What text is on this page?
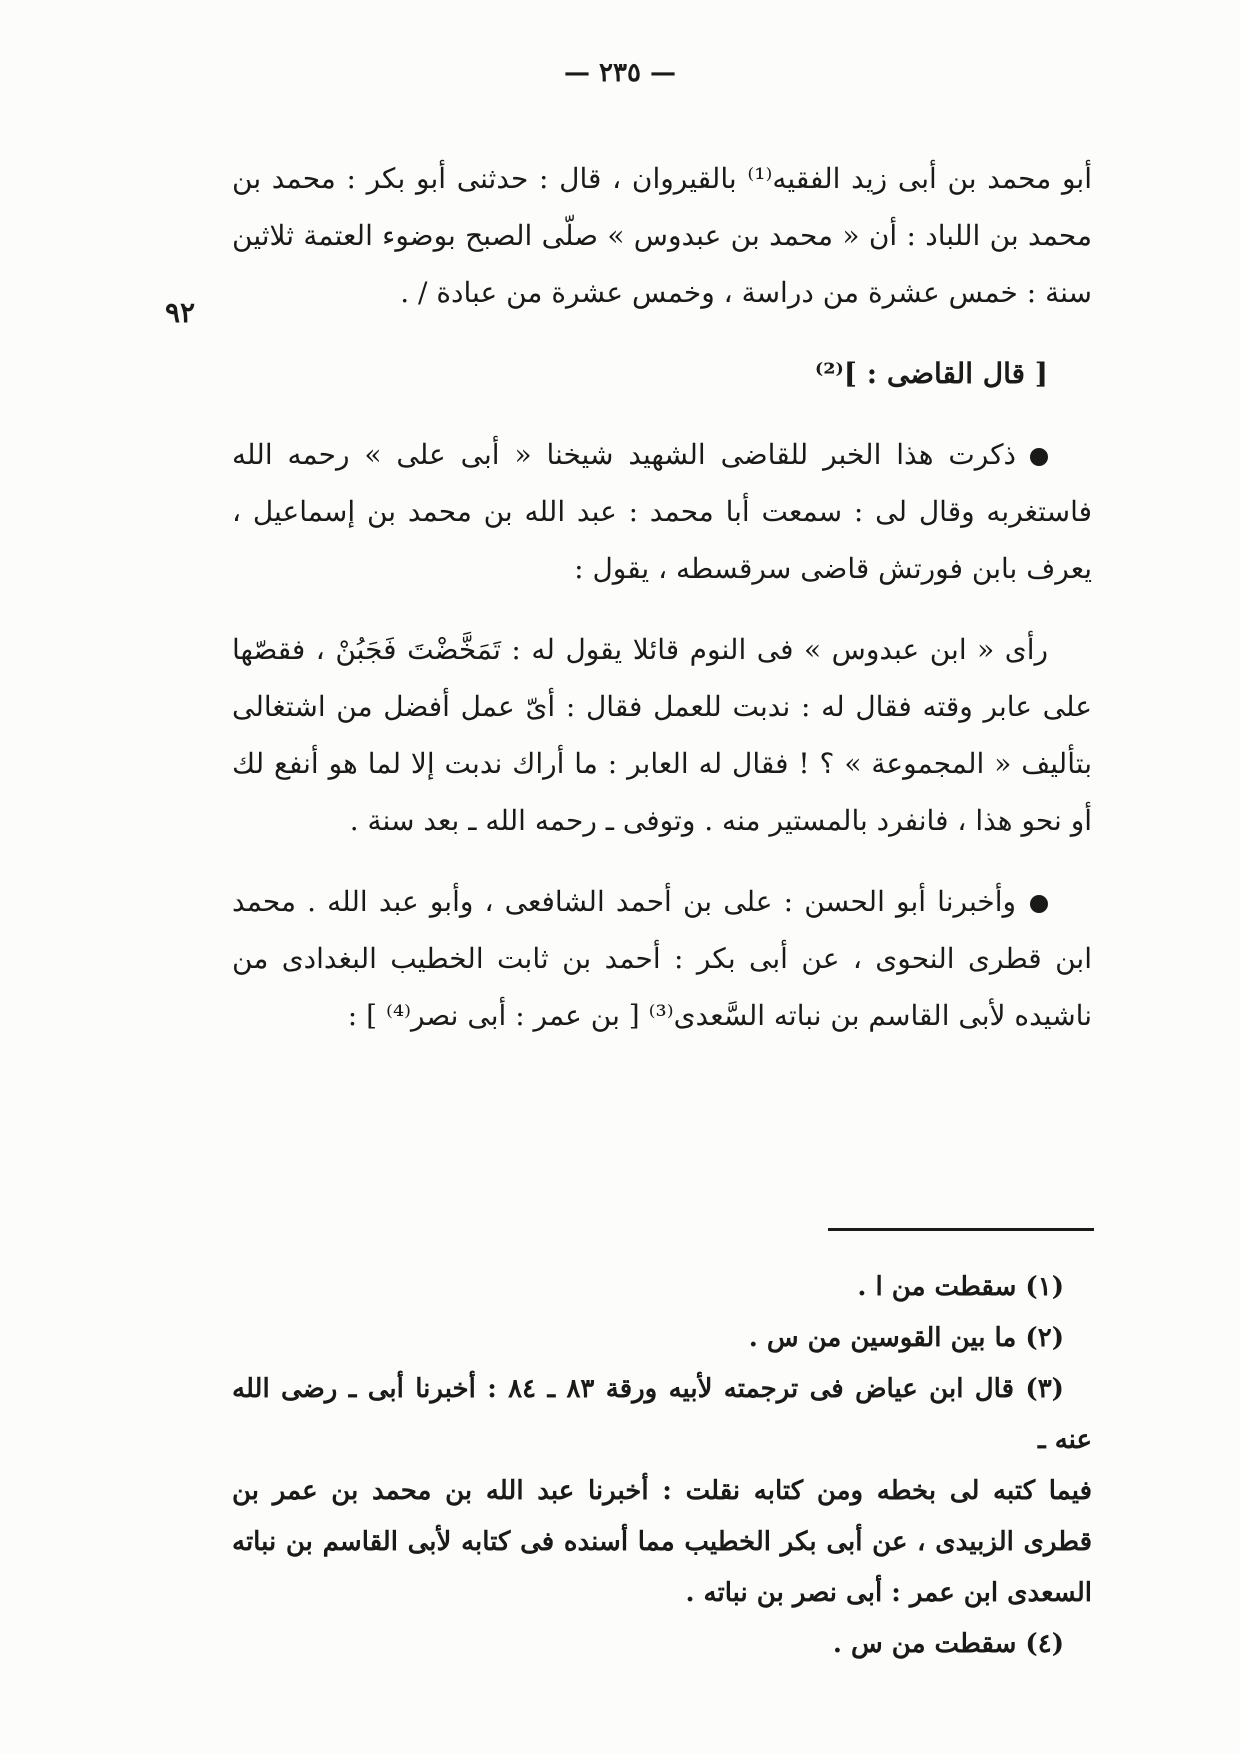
— ٢٣٥ —
٩٢

أبو محمد بن أبى زيد الفقيه⁽¹⁾ بالقيروان ، قال : حدثنى أبو بكر : محمد بن محمد بن اللباد : أن « محمد بن عبدوس » صلّى الصبح بوضوء العتمة ثلاثين سنة : خمس عشرة من دراسة ، وخمس عشرة من عبادة / .

[ قال القاضى : ]⁽²⁾

ذكرت هذا الخبر للقاضى الشهيد شيخنا « أبى على » رحمه الله فاستغربه وقال لى : سمعت أبا محمد : عبد الله بن محمد بن إسماعيل ، يعرف بابن فورتش قاضى سرقسطه ، يقول :

رأى « ابن عبدوس » فى النوم قائلا يقول له : تَمَخَّضْتَ فَجَبُنْ ، فقصّها على عابر وقته فقال له : ندبت للعمل فقال : أىّ عمل أفضل من اشتغالى بتأليف « المجموعة » ؟ ! فقال له العابر : ما أراك ندبت إلا لما هو أنفع لك أو نحو هذا ، فانفرد بالمستير منه . وتوفى ـ رحمه الله ـ بعد سنة .

وأخبرنا أبو الحسن : على بن أحمد الشافعى ، وأبو عبد الله . محمد ابن قطرى النحوى ، عن أبى بكر : أحمد بن ثابت الخطيب البغدادى من ناشيده لأبى القاسم بن نباته السَّعدى⁽³⁾ [ بن عمر : أبى نصر⁽⁴⁾ ] :

(١) سقطت من ا .

(٢) ما بين القوسين من س .

(٣) قال ابن عياض فى ترجمته لأبيه ورقة ٨٣ ـ ٨٤ : أخبرنا أبى ـ رضى الله عنه ـ

فيما كتبه لى بخطه ومن كتابه نقلت : أخبرنا عبد الله بن محمد بن عمر بن قطرى الزبيدى ، عن أبى بكر الخطيب مما أسنده فى كتابه لأبى القاسم بن نباته السعدى ابن عمر : أبى نصر بن نباته .

(٤) سقطت من س .
